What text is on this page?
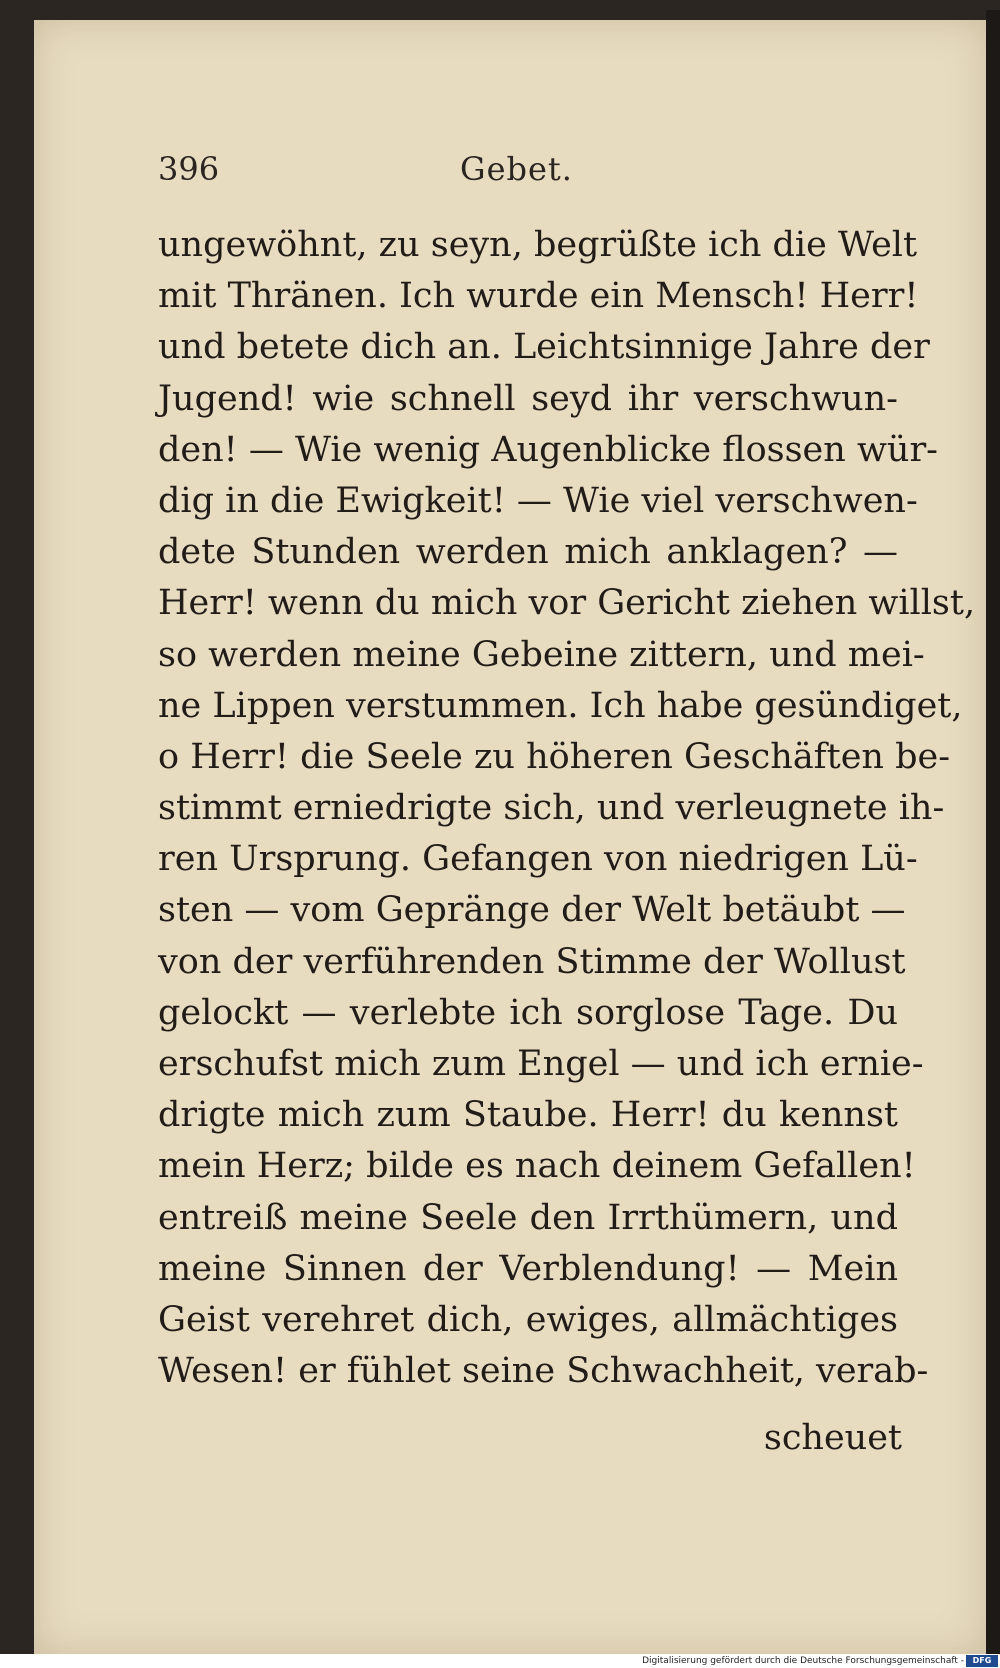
396	Gebet.
ungewöhnt, zu seyn, begrüßte ich die Welt
mit Thränen. Ich wurde ein Mensch! Herr!
und betete dich an. Leichtsinnige Jahre der
Jugend! wie schnell seyd ihr verschwun-
den! — Wie wenig Augenblicke flossen wür-
dig in die Ewigkeit! — Wie viel verschwen-
dete Stunden werden mich anklagen? —
Herr! wenn du mich vor Gericht ziehen willst,
so werden meine Gebeine zittern, und mei-
ne Lippen verstummen. Ich habe gesündiget,
o Herr! die Seele zu höheren Geschäften be-
stimmt erniedrigte sich, und verleugnete ih-
ren Ursprung. Gefangen von niedrigen Lü-
sten — vom Gepränge der Welt betäubt —
von der verführenden Stimme der Wollust
gelockt — verlebte ich sorglose Tage. Du
erschufst mich zum Engel — und ich ernie-
drigte mich zum Staube. Herr! du kennst
mein Herz; bilde es nach deinem Gefallen!
entreiß meine Seele den Irrthümern, und
meine Sinnen der Verblendung! — Mein
Geist verehret dich, ewiges, allmächtiges
Wesen! er fühlet seine Schwachheit, verab-
scheuet
Digitalisierung gefördert durch die Deutsche Forschungsgemeinschaft -	DFG
